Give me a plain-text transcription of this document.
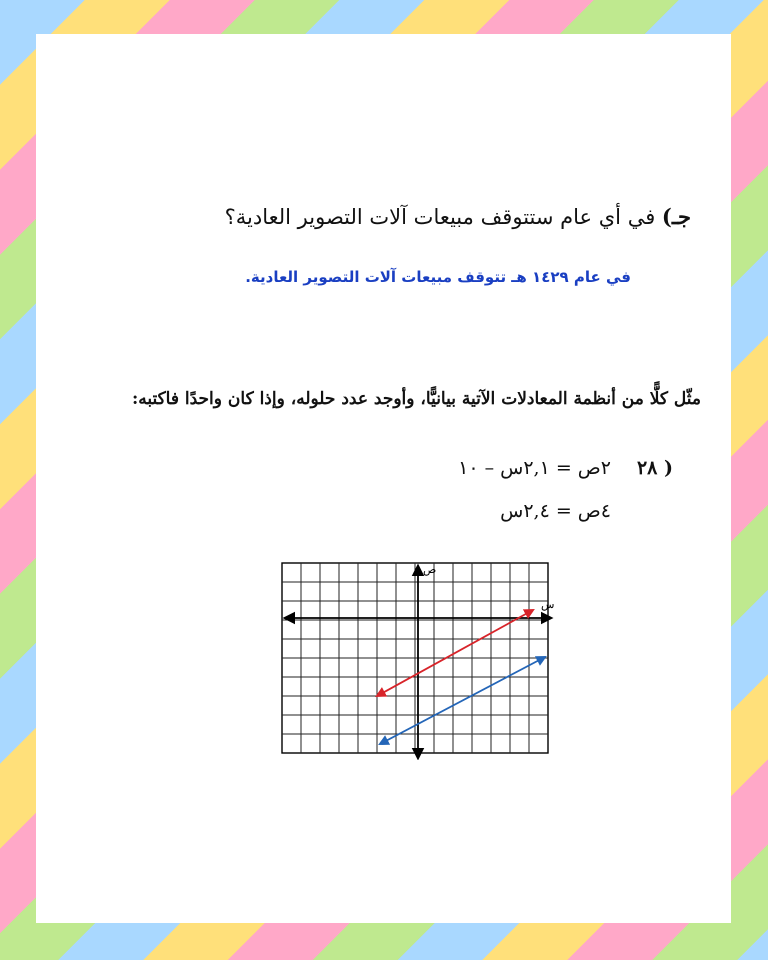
جـ) في أي عام ستتوقف مبيعات آلات التصوير العادية؟
في عام ١٤٢٩ هـ تتوقف مبيعات آلات التصوير العادية.
مثّل كلًّا من أنظمة المعادلات الآتية بيانيًّا، وأوجد عدد حلوله، وإذا كان واحدًا فاكتبه:
٢٨ )
٢ص = ٢,١س – ١٠
٤ص = ٢,٤س
س
ص
